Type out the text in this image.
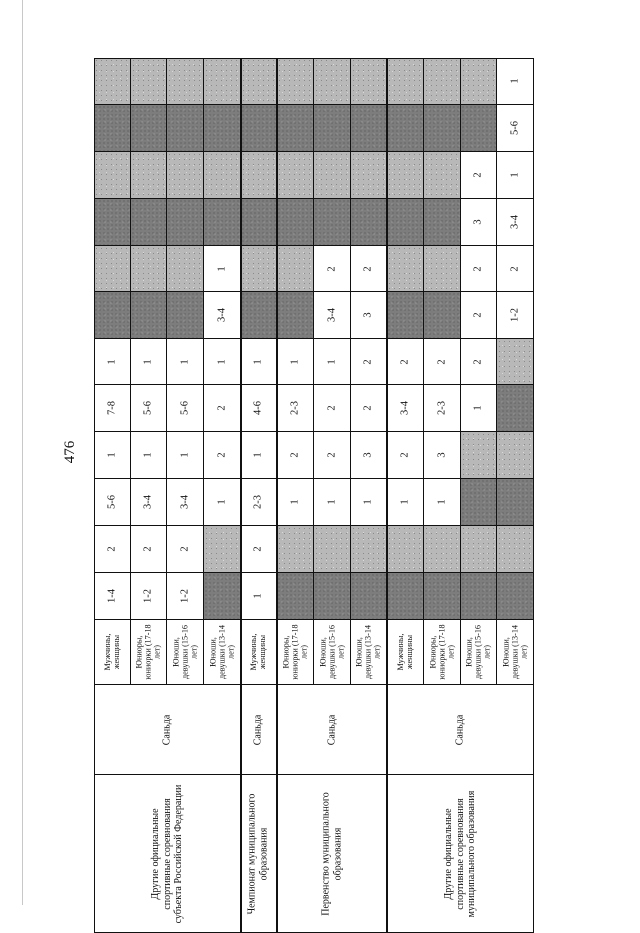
476
1-4
2
5-6
1
7-8
1
Мужчины, женщины
1-2
2
3-4
1
5-6
1
Юниоры, юниорки (17-18 лет)
1-2
2
3-4
1
5-6
1
Юноши, девушки (15-16 лет)
1
2
2
1
3-4
1
Юноши, девушки (13-14 лет)
1
2
2-3
1
4-6
1
Мужчины, женщины
1
2
2-3
1
Юниоры, юниорки (17-18 лет)
1
2
2
1
3-4
2
Юноши, девушки (15-16 лет)
1
3
2
2
3
2
Юноши, девушки (13-14 лет)
1
2
3-4
2
Мужчины, женщины
1
3
2-3
2
Юниоры, юниорки (17-18 лет)
1
2
2
2
3
2
Юноши, девушки (15-16 лет)
1-2
2
3-4
1
5-6
1
Юноши, девушки (13-14 лет)
Саньда
Другие официальные спортивные соревнования субъекта Российской Федерации
Саньда
Чемпионат муниципального образования
Саньда
Первенство муниципального образования
Саньда
Другие официальные спортивные соревнования муниципального образования
